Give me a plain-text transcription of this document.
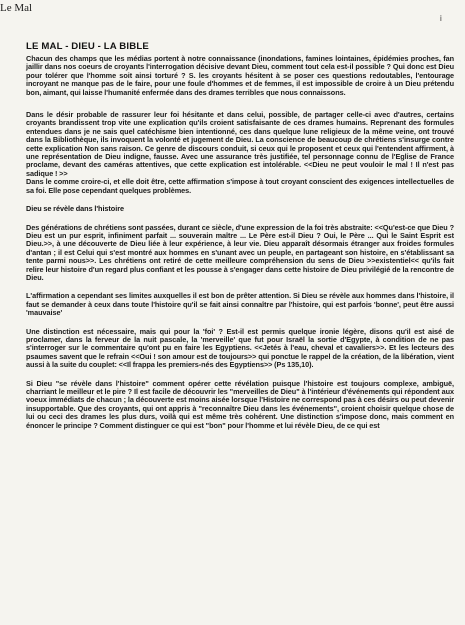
Le Mal
i
LE MAL - DIEU - LA BIBLE

Chacun des champs que les médias portent à notre connaissance (inondations, famines lointaines, épidémies proches, fan jaillir dans nos coeurs de croyants l'interrogation décisive devant Dieu, comment tout cela est-il possible ? Qui donc est Dieu pour tolérer que l'homme soit ainsi torturé ? S. les croyants hésitent à se poser ces questions redoutables, l'entourage incroyant ne manque pas de le faire, pour une foule d'hommes et de femmes, il est impossible de croire à un Dieu prétendu bon, aimant, qui laisse l'humanité enfermée dans des drames terribles que nous connaissons.

Dans le désir probable de rassurer leur foi hésitante et dans celui, possible, de partager celle-ci avec d'autres, certains croyants brandissent trop vite une explication qu'ils croient satisfaisante de ces drames humains. Reprenant des formules entendues dans je ne sais quel catéchisme bien intentionné, ces dans quelque lune religieux de la même veine, ont trouvé dans la Bibliothèque, ils invoquent la volonté et jugement de Dieu. La conscience de beaucoup de chrétiens s'insurge contre cette explication Non sans raison. Ce genre de discours conduit, si ceux qui le proposent et ceux qui l'entendent affirment, à une représentation de Dieu indigne, fausse. Avec une assurance très justifiée, tel personnage connu de l'Eglise de France proclame, devant des caméras attentives, que cette explication est intolérable. <<Dieu ne peut vouloir le mal ! Il n'est pas sadique ! >>

Dans le comme croire-ci, et elle doit être, cette affirmation s'impose à tout croyant conscient des exigences intellectuelles de sa foi. Elle pose cependant quelques problèmes.

Dieu se révèle dans l'histoire

Des générations de chrétiens sont passées, durant ce siècle, d'une expression de la foi très abstraite: <<Qu'est-ce que Dieu ? Dieu est un pur esprit, infiniment parfait ... souverain maître ... Le Père est-il Dieu ? Oui, le Père ... Qui le Saint Esprit est Dieu.>>, à une découverte de Dieu liée à leur expérience, à leur vie. Dieu apparaît désormais étranger aux froides formules d'antan ; il est Celui qui s'est montré aux hommes en s'unant avec un peuple, en partageant son histoire, en s'établissant sa tente parmi nous>>. Les chrétiens ont retiré de cette meilleure compréhension du sens de Dieu >>existentiel<< qu'ils fait relire leur histoire d'un regard plus confiant et les pousse à s'engager dans cette histoire de Dieu privilégié de la rencontre de Dieu.

L'affirmation a cependant ses limites auxquelles il est bon de prêter attention. Si Dieu se révèle aux hommes dans l'histoire, il faut se demander à ceux dans toute l'histoire qu'il se fait ainsi connaître par l'histoire, qui est parfois 'bonne', peut être aussi 'mauvaise'

Une distinction est nécessaire, mais qui pour la 'foi' ? Est-il est permis quelque ironie légère, disons qu'il est aisé de proclamer, dans la ferveur de la nuit pascale, la 'merveille' que fut pour Israël la sortie d'Egypte, à condition de ne pas s'interroger sur le commentaire qu'ont pu en faire les Egyptiens. <<Jetés à l'eau, cheval et cavaliers>>. Et les lecteurs des psaumes savent que le refrain <<Oui ! son amour est de toujours>> qui ponctue le rappel de la création, de la libération, vient aussi à la suite du couplet: <<Il frappa les premiers-nés des Egyptiens>> (Ps 135,10).

Si Dieu "se révèle dans l'histoire" comment opérer cette révélation puisque l'histoire est toujours complexe, ambiguë, charriant le meilleur et le pire ? Il est facile de découvrir les "merveilles de Dieu" à l'intérieur d'événements qui répondent aux voeux immédiats de chacun ; la découverte est moins aisée lorsque l'Histoire ne correspond pas à ces désirs ou peut devenir insupportable. Que des croyants, qui ont appris à "reconnaître Dieu dans les événements", croient choisir quelque chose de lui ou ceci des drames les plus durs, voilà qui est même très cohérent. Une distinction s'impose donc, mais comment en énoncer le principe ? Comment distinguer ce qui est "bon" pour l'homme et lui révèle Dieu, de ce qui est
